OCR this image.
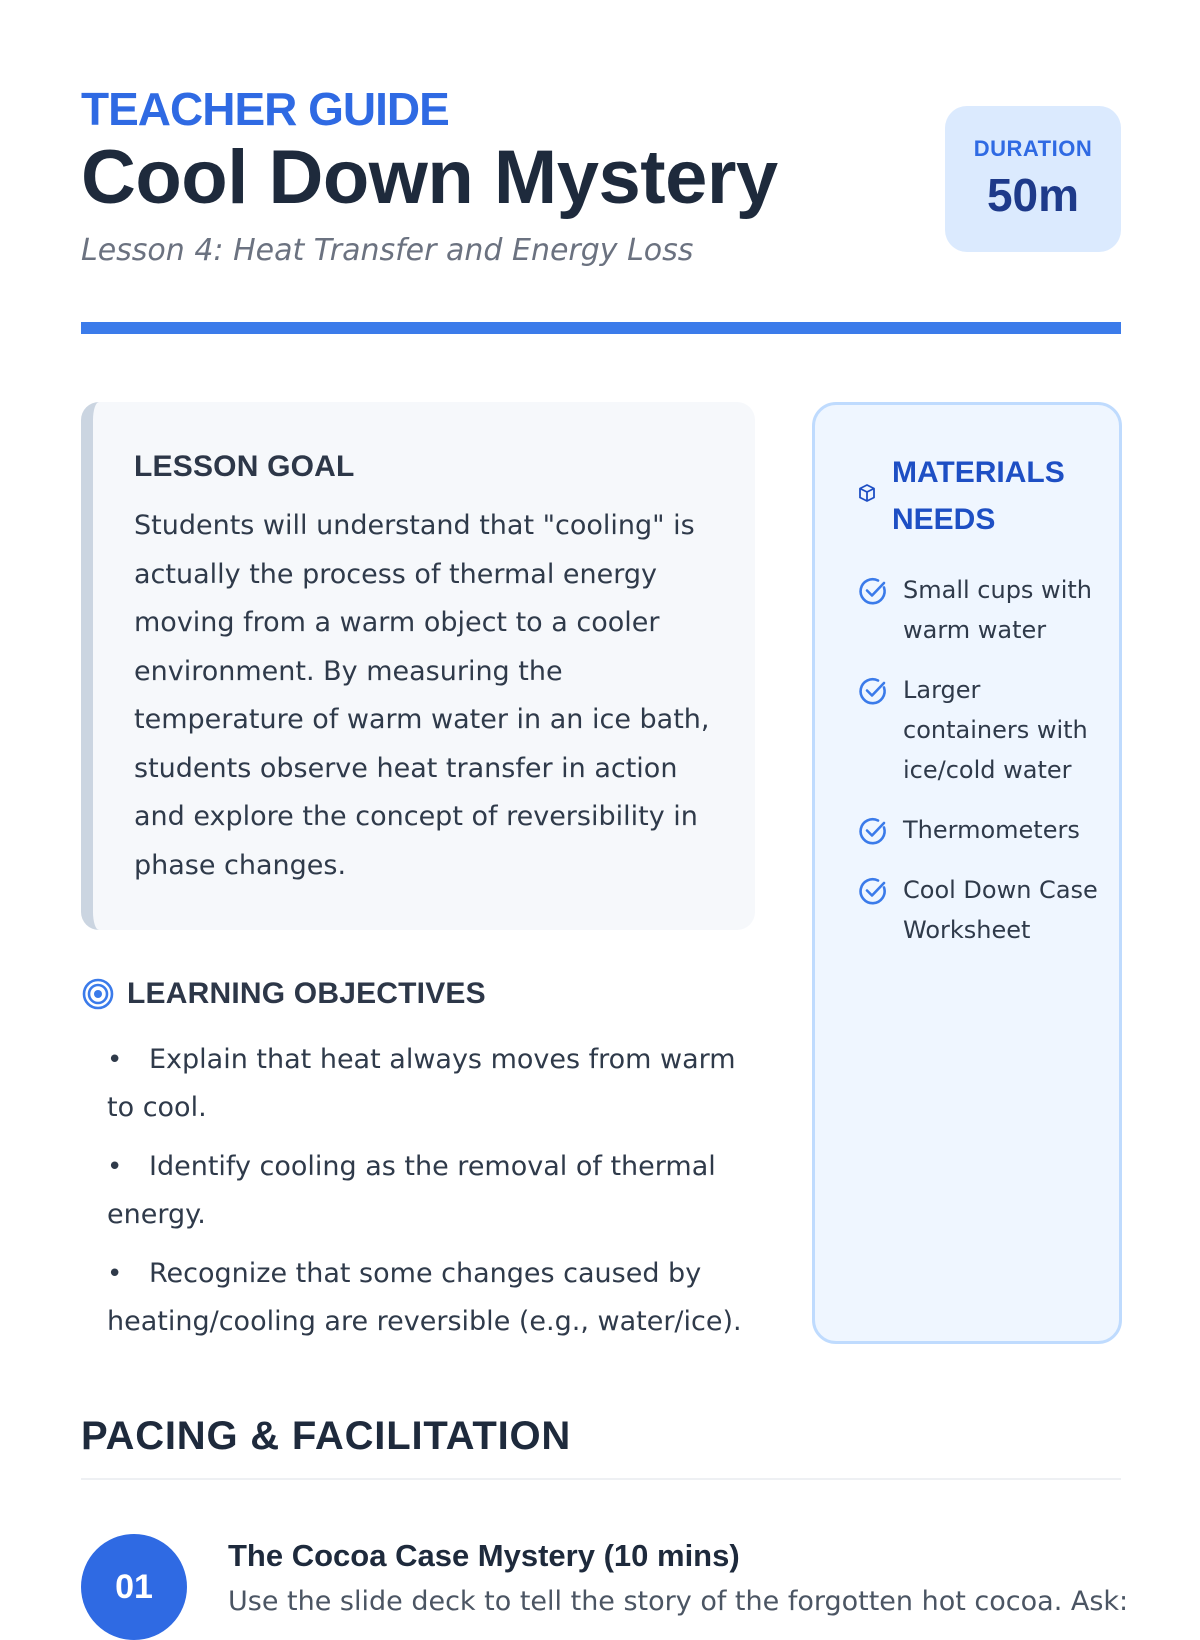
TEACHER GUIDE
Cool Down Mystery
Lesson 4: Heat Transfer and Energy Loss
DURATION
50m
LESSON GOAL
Students will understand that "cooling" is actually the process of thermal energy moving from a warm object to a cooler environment. By measuring the temperature of warm water in an ice bath, students observe heat transfer in action and explore the concept of reversibility in phase changes.
LEARNING OBJECTIVES
• Explain that heat always moves from warm to cool.
• Identify cooling as the removal of thermal energy.
• Recognize that some changes caused by heating/cooling are reversible (e.g., water/ice).
MATERIALS NEEDS
Small cups with warm water
Larger containers with ice/cold water
Thermometers
Cool Down Case Worksheet
PACING & FACILITATION
01
The Cocoa Case Mystery (10 mins)
Use the slide deck to tell the story of the forgotten hot cocoa. Ask:
